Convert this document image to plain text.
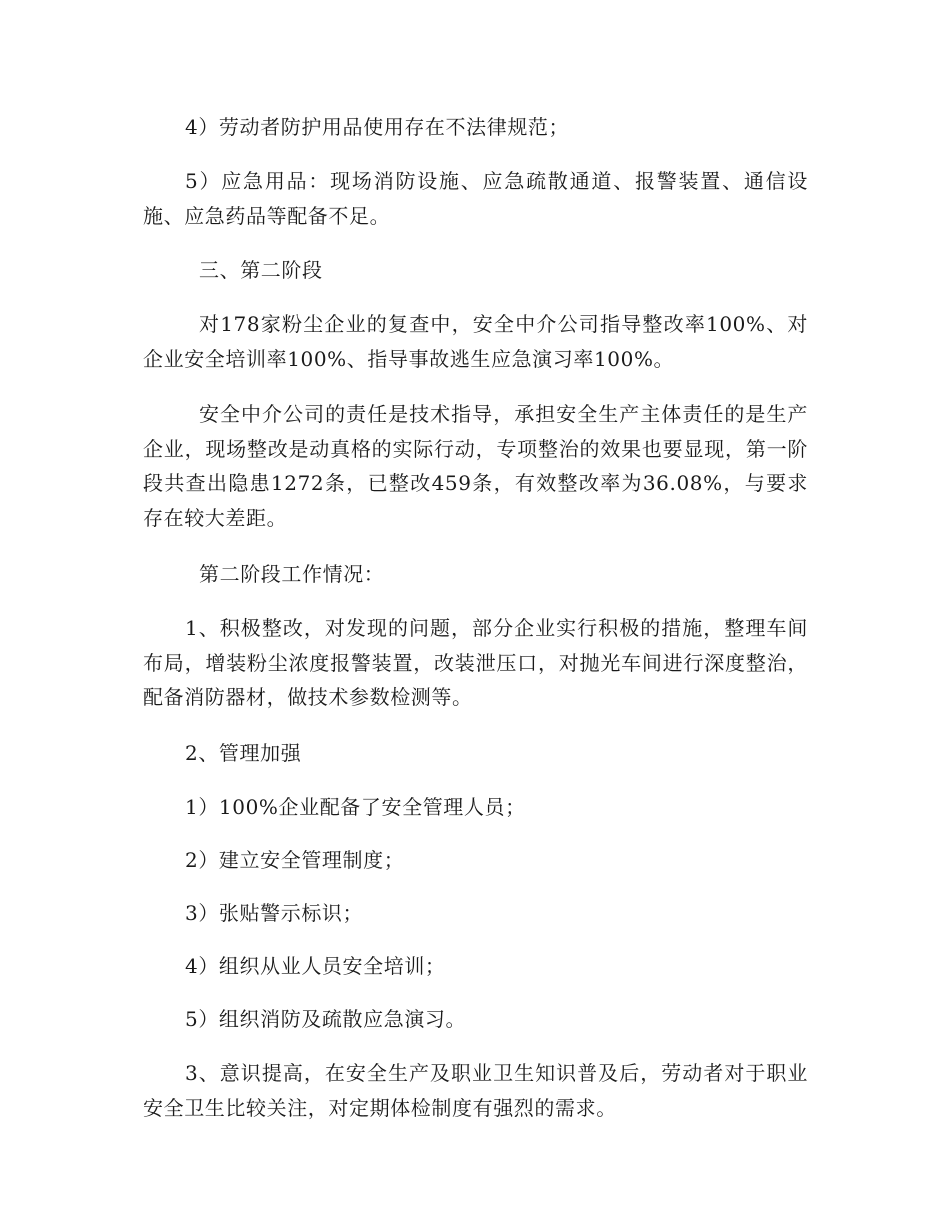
4）劳动者防护用品使用存在不法律规范；

5）应急用品：现场消防设施、应急疏散通道、报警装置、通信设施、应急药品等配备不足。

三、第二阶段

对178家粉尘企业的复查中，安全中介公司指导整改率100%、对企业安全培训率100%、指导事故逃生应急演习率100%。

安全中介公司的责任是技术指导，承担安全生产主体责任的是生产企业，现场整改是动真格的实际行动，专项整治的效果也要显现，第一阶段共查出隐患1272条，已整改459条，有效整改率为36.08%，与要求存在较大差距。

第二阶段工作情况：

1、积极整改，对发现的问题，部分企业实行积极的措施，整理车间布局，增装粉尘浓度报警装置，改装泄压口，对抛光车间进行深度整治，配备消防器材，做技术参数检测等。

2、管理加强

1）100%企业配备了安全管理人员；

2）建立安全管理制度；

3）张贴警示标识；

4）组织从业人员安全培训；

5）组织消防及疏散应急演习。

3、意识提高，在安全生产及职业卫生知识普及后，劳动者对于职业安全卫生比较关注，对定期体检制度有强烈的需求。
